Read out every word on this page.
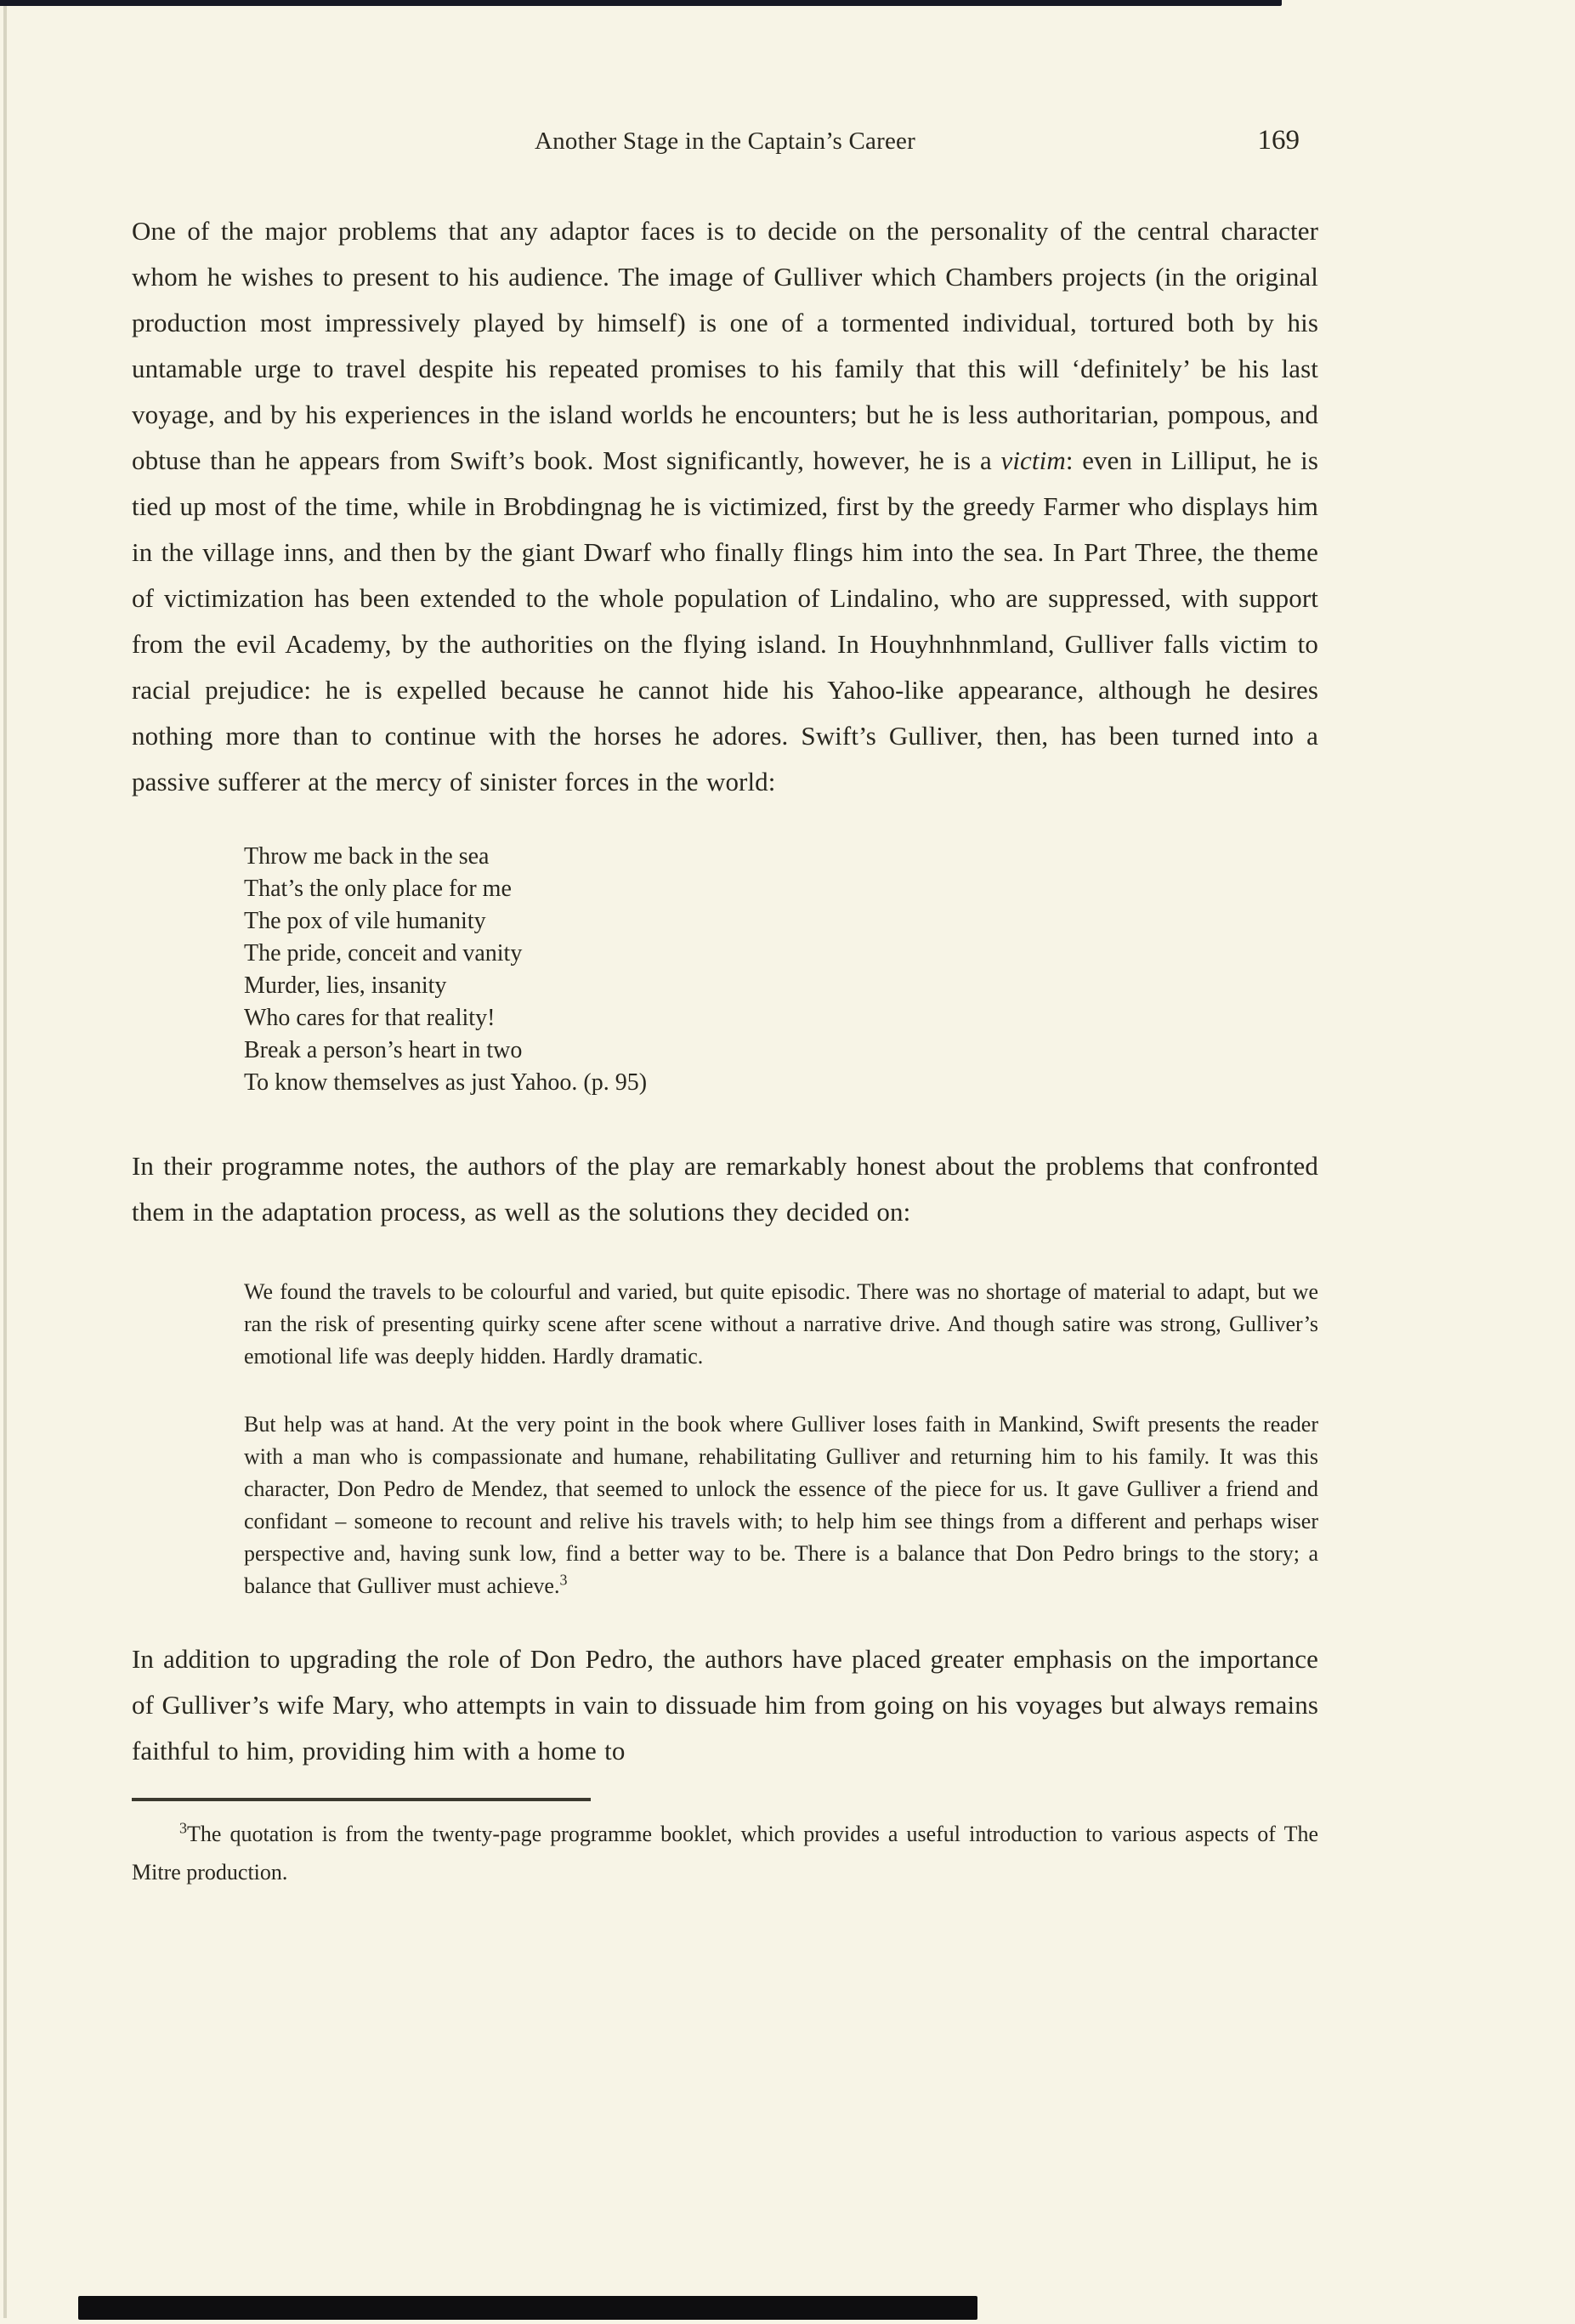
Another Stage in the Captain’s Career	169
One of the major problems that any adaptor faces is to decide on the personality of the central character whom he wishes to present to his audience. The image of Gulliver which Chambers projects (in the original production most impressively played by himself) is one of a tormented individual, tortured both by his untamable urge to travel despite his repeated promises to his family that this will ‘definitely’ be his last voyage, and by his experiences in the island worlds he encounters; but he is less authoritarian, pompous, and obtuse than he appears from Swift’s book. Most significantly, however, he is a victim: even in Lilliput, he is tied up most of the time, while in Brobdingnag he is victimized, first by the greedy Farmer who displays him in the village inns, and then by the giant Dwarf who finally flings him into the sea. In Part Three, the theme of victimization has been extended to the whole population of Lindalino, who are suppressed, with support from the evil Academy, by the authorities on the flying island. In Houyhnhnmland, Gulliver falls victim to racial prejudice: he is expelled because he cannot hide his Yahoo-like appearance, although he desires nothing more than to continue with the horses he adores. Swift’s Gulliver, then, has been turned into a passive sufferer at the mercy of sinister forces in the world:
Throw me back in the sea
That’s the only place for me
The pox of vile humanity
The pride, conceit and vanity
Murder, lies, insanity
Who cares for that reality!
Break a person’s heart in two
To know themselves as just Yahoo. (p. 95)
In their programme notes, the authors of the play are remarkably honest about the problems that confronted them in the adaptation process, as well as the solutions they decided on:
We found the travels to be colourful and varied, but quite episodic. There was no shortage of material to adapt, but we ran the risk of presenting quirky scene after scene without a narrative drive. And though satire was strong, Gulliver’s emotional life was deeply hidden. Hardly dramatic.
But help was at hand. At the very point in the book where Gulliver loses faith in Mankind, Swift presents the reader with a man who is compassionate and humane, rehabilitating Gulliver and returning him to his family. It was this character, Don Pedro de Mendez, that seemed to unlock the essence of the piece for us. It gave Gulliver a friend and confidant – someone to recount and relive his travels with; to help him see things from a different and perhaps wiser perspective and, having sunk low, find a better way to be. There is a balance that Don Pedro brings to the story; a balance that Gulliver must achieve.$^3$
In addition to upgrading the role of Don Pedro, the authors have placed greater emphasis on the importance of Gulliver’s wife Mary, who attempts in vain to dissuade him from going on his voyages but always remains faithful to him, providing him with a home to
$^3$The quotation is from the twenty-page programme booklet, which provides a useful introduction to various aspects of The Mitre production.
